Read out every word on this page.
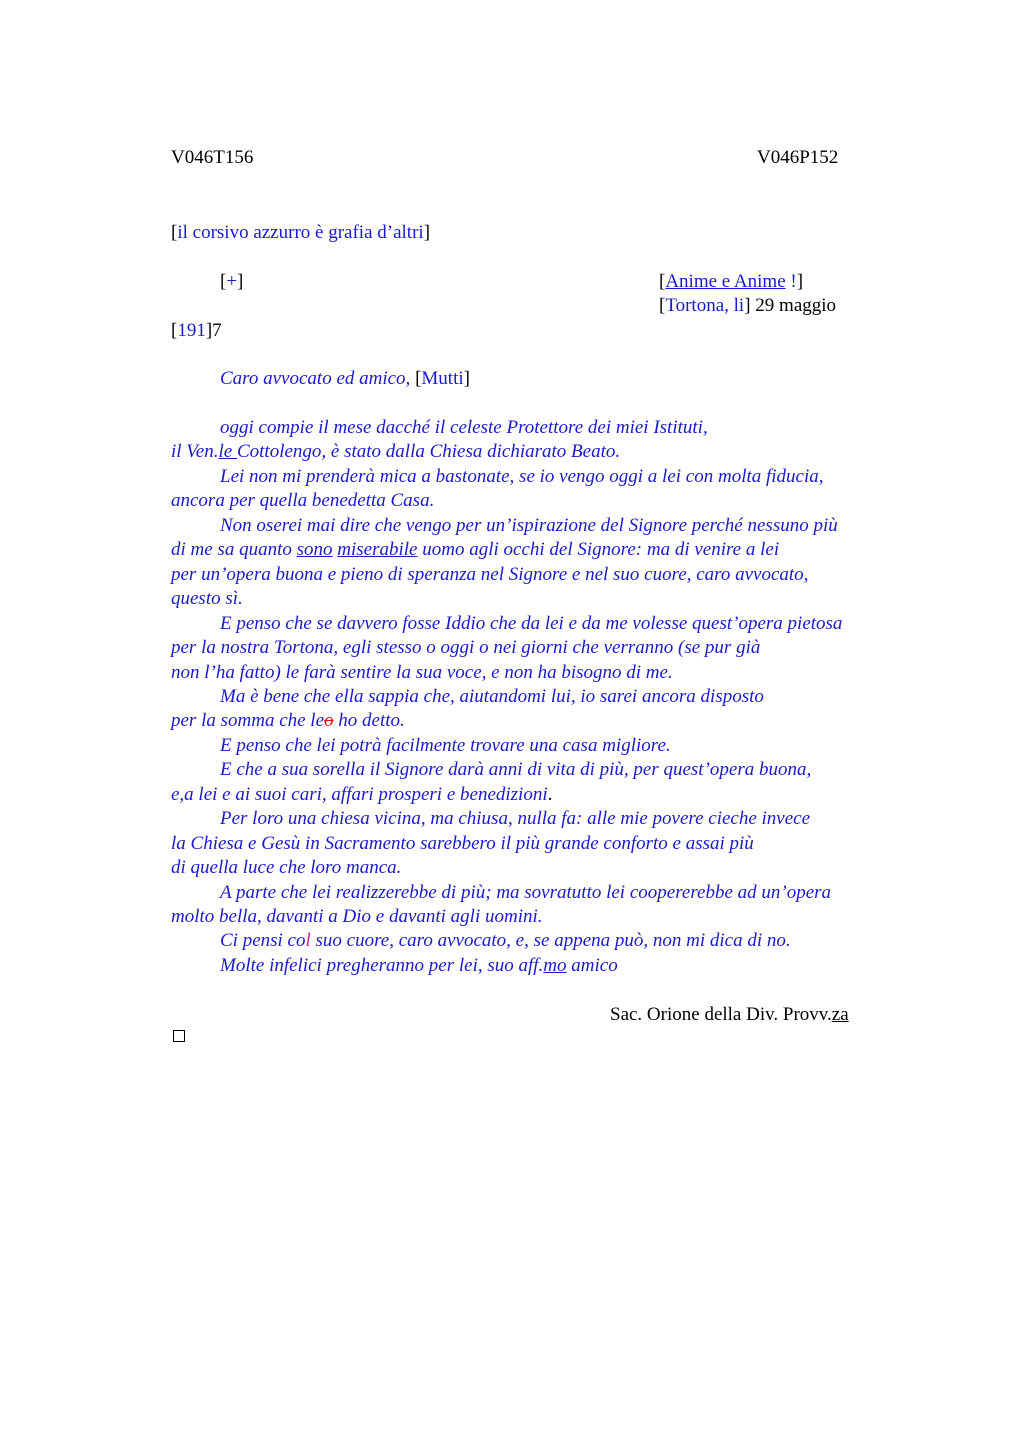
V046T156	V046P152
[il corsivo azzurro è grafia d’altri]
[+]	[Anime e Anime !]
[Tortona, li] 29 maggio
[191]7
Caro avvocato ed amico, [Mutti]
oggi compie il mese dacché il celeste Protettore dei miei Istituti,
il Ven.le Cottolengo, è stato dalla Chiesa dichiarato Beato.
Lei non mi prenderà mica a bastonate, se io vengo oggi a lei con molta fiducia,
ancora per quella benedetta Casa.
Non oserei mai dire che vengo per un’ispirazione del Signore perché nessuno più
di me sa quanto sono miserabile uomo agli occhi del Signore: ma di venire a lei
per un’opera buona e pieno di speranza nel Signore e nel suo cuore, caro avvocato,
questo sì.
E penso che se davvero fosse Iddio che da lei e da me volesse quest’opera pietosa
per la nostra Tortona, egli stesso o oggi o nei giorni che verranno (se pur già
non l’ha fatto) le farà sentire la sua voce, e non ha bisogno di me.
Ma è bene che ella sappia che, aiutandomi lui, io sarei ancora disposto
per la somma che leo ho detto.
E penso che lei potrà facilmente trovare una casa migliore.
E che a sua sorella il Signore darà anni di vita di più, per quest’opera buona,
e,a lei e ai suoi cari, affari prosperi e benedizioni.
Per loro una chiesa vicina, ma chiusa, nulla fa: alle mie povere cieche invece
la Chiesa e Gesù in Sacramento sarebbero il più grande conforto e assai più
di quella luce che loro manca.
A parte che lei realizzerebbe di più; ma sovratutto lei coopererebbe ad un’opera
molto bella, davanti a Dio e davanti agli uomini.
Ci pensi col suo cuore, caro avvocato, e, se appena può, non mi dica di no.
Molte infelici pregheranno per lei, suo aff.mo amico
Sac. Orione della Div. Provv.za
